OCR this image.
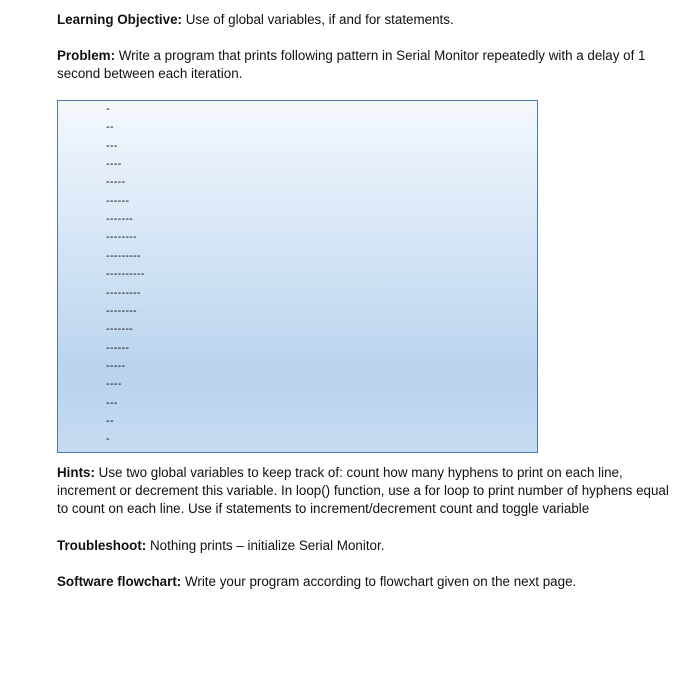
Learning Objective: Use of global variables, if and for statements.

Problem: Write a program that prints following pattern in Serial Monitor repeatedly with a delay of 1 second between each iteration.

-
--
---
----
-----
------
-------
--------
---------
----------
---------
--------
-------
------
-----
----
---
--
-

Hints: Use two global variables to keep track of: count how many hyphens to print on each line, increment or decrement this variable. In loop() function, use a for loop to print number of hyphens equal to count on each line. Use if statements to increment/decrement count and toggle variable

Troubleshoot: Nothing prints – initialize Serial Monitor.

Software flowchart: Write your program according to flowchart given on the next page.
